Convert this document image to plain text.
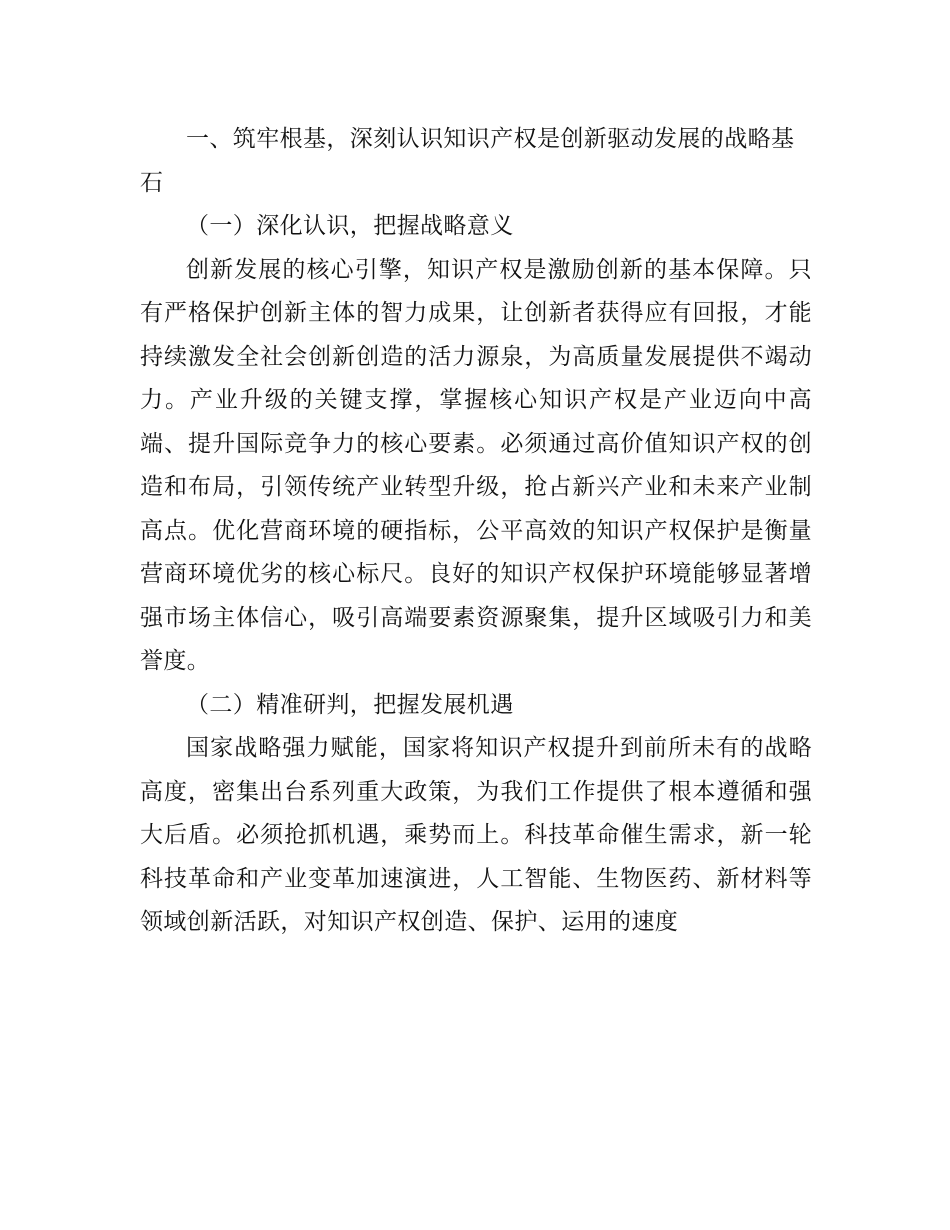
一、筑牢根基，深刻认识知识产权是创新驱动发展的战略基石

（一）深化认识，把握战略意义

创新发展的核心引擎，知识产权是激励创新的基本保障。只有严格保护创新主体的智力成果，让创新者获得应有回报，才能持续激发全社会创新创造的活力源泉，为高质量发展提供不竭动力。产业升级的关键支撑，掌握核心知识产权是产业迈向中高端、提升国际竞争力的核心要素。必须通过高价值知识产权的创造和布局，引领传统产业转型升级，抢占新兴产业和未来产业制高点。优化营商环境的硬指标，公平高效的知识产权保护是衡量营商环境优劣的核心标尺。良好的知识产权保护环境能够显著增强市场主体信心，吸引高端要素资源聚集，提升区域吸引力和美誉度。

（二）精准研判，把握发展机遇

国家战略强力赋能，国家将知识产权提升到前所未有的战略高度，密集出台系列重大政策，为我们工作提供了根本遵循和强大后盾。必须抢抓机遇，乘势而上。科技革命催生需求，新一轮科技革命和产业变革加速演进，人工智能、生物医药、新材料等领域创新活跃，对知识产权创造、保护、运用的速度
